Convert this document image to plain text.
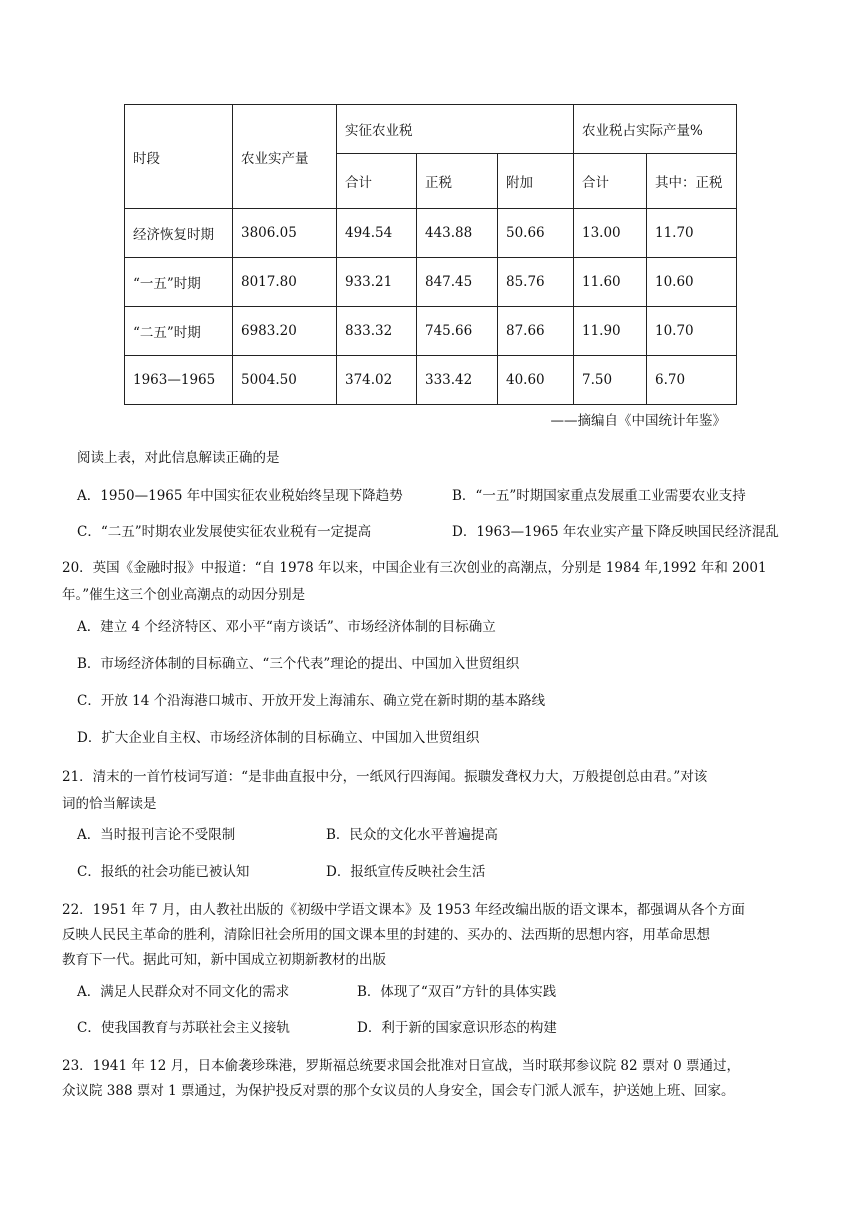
时段	农业实产量	实征农业税			农业税占实际产量%	
		合计	正税	附加	合计	其中：正税
经济恢复时期	3806.05	494.54	443.88	50.66	13.00	11.70
“一五”时期	8017.80	933.21	847.45	85.76	11.60	10.60
“二五”时期	6983.20	833.32	745.66	87.66	11.90	10.70
1963—1965	5004.50	374.02	333.42	40.60	7.50	6.70
——摘编自《中国统计年鉴》
阅读上表，对此信息解读正确的是
A．1950—1965 年中国实征农业税始终呈现下降趋势	B．“一五”时期国家重点发展重工业需要农业支持
C．“二五”时期农业发展使实征农业税有一定提高	D．1963—1965 年农业实产量下降反映国民经济混乱
20．英国《金融时报》中报道：“自 1978 年以来，中国企业有三次创业的高潮点，分别是 1984 年,1992 年和 2001
年。”催生这三个创业高潮点的动因分别是
A．建立 4 个经济特区、邓小平“南方谈话”、市场经济体制的目标确立
B．市场经济体制的目标确立、“三个代表”理论的提出、中国加入世贸组织
C．开放 14 个沿海港口城市、开放开发上海浦东、确立党在新时期的基本路线
D．扩大企业自主权、市场经济体制的目标确立、中国加入世贸组织
21．清末的一首竹枝词写道：“是非曲直报中分，一纸风行四海闻。振聩发聋权力大，万般提创总由君。”对该
词的恰当解读是
A．当时报刊言论不受限制	B．民众的文化水平普遍提高
C．报纸的社会功能已被认知	D．报纸宣传反映社会生活
22．1951 年 7 月，由人教社出版的《初级中学语文课本》及 1953 年经改编出版的语文课本，都强调从各个方面
反映人民民主革命的胜利，清除旧社会所用的国文课本里的封建的、买办的、法西斯的思想内容，用革命思想
教育下一代。据此可知，新中国成立初期新教材的出版
A．满足人民群众对不同文化的需求	B．体现了“双百”方针的具体实践
C．使我国教育与苏联社会主义接轨	D．利于新的国家意识形态的构建
23．1941 年 12 月，日本偷袭珍珠港，罗斯福总统要求国会批准对日宣战，当时联邦参议院 82 票对 0 票通过，
众议院 388 票对 1 票通过，为保护投反对票的那个女议员的人身安全，国会专门派人派车，护送她上班、回家。
